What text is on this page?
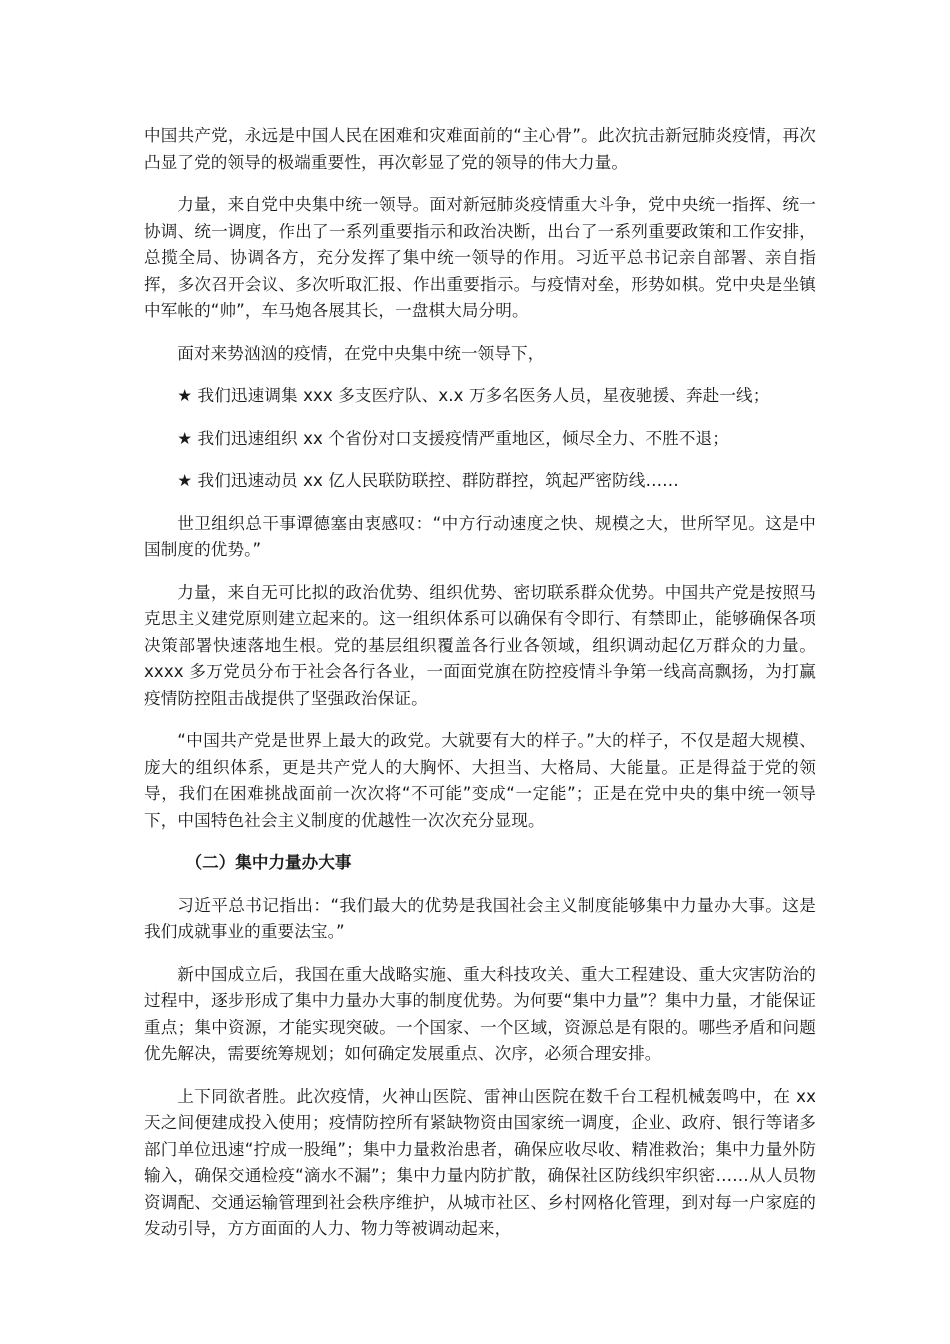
中国共产党，永远是中国人民在困难和灾难面前的“主心骨”。此次抗击新冠肺炎疫情，再次凸显了党的领导的极端重要性，再次彰显了党的领导的伟大力量。

力量，来自党中央集中统一领导。面对新冠肺炎疫情重大斗争，党中央统一指挥、统一协调、统一调度，作出了一系列重要指示和政治决断，出台了一系列重要政策和工作安排，总揽全局、协调各方，充分发挥了集中统一领导的作用。习近平总书记亲自部署、亲自指挥，多次召开会议、多次听取汇报、作出重要指示。与疫情对垒，形势如棋。党中央是坐镇中军帐的“帅”，车马炮各展其长，一盘棋大局分明。

面对来势汹汹的疫情，在党中央集中统一领导下，

★ 我们迅速调集 xxx 多支医疗队、x.x 万多名医务人员，星夜驰援、奔赴一线；

★ 我们迅速组织 xx 个省份对口支援疫情严重地区，倾尽全力、不胜不退；

★ 我们迅速动员 xx 亿人民联防联控、群防群控，筑起严密防线……

世卫组织总干事谭德塞由衷感叹：“中方行动速度之快、规模之大，世所罕见。这是中国制度的优势。”

力量，来自无可比拟的政治优势、组织优势、密切联系群众优势。中国共产党是按照马克思主义建党原则建立起来的。这一组织体系可以确保有令即行、有禁即止，能够确保各项决策部署快速落地生根。党的基层组织覆盖各行业各领域，组织调动起亿万群众的力量。xxxx 多万党员分布于社会各行各业，一面面党旗在防控疫情斗争第一线高高飘扬，为打赢疫情防控阻击战提供了坚强政治保证。

“中国共产党是世界上最大的政党。大就要有大的样子。”大的样子，不仅是超大规模、庞大的组织体系，更是共产党人的大胸怀、大担当、大格局、大能量。正是得益于党的领导，我们在困难挑战面前一次次将“不可能”变成“一定能”；正是在党中央的集中统一领导下，中国特色社会主义制度的优越性一次次充分显现。

（二）集中力量办大事

习近平总书记指出：“我们最大的优势是我国社会主义制度能够集中力量办大事。这是我们成就事业的重要法宝。”

新中国成立后，我国在重大战略实施、重大科技攻关、重大工程建设、重大灾害防治的过程中，逐步形成了集中力量办大事的制度优势。为何要“集中力量”？集中力量，才能保证重点；集中资源，才能实现突破。一个国家、一个区域，资源总是有限的。哪些矛盾和问题优先解决，需要统筹规划；如何确定发展重点、次序，必须合理安排。

上下同欲者胜。此次疫情，火神山医院、雷神山医院在数千台工程机械轰鸣中，在 xx 天之间便建成投入使用；疫情防控所有紧缺物资由国家统一调度，企业、政府、银行等诸多部门单位迅速“拧成一股绳”；集中力量救治患者，确保应收尽收、精准救治；集中力量外防输入，确保交通检疫“滴水不漏”；集中力量内防扩散，确保社区防线织牢织密……从人员物资调配、交通运输管理到社会秩序维护，从城市社区、乡村网格化管理，到对每一户家庭的发动引导，方方面面的人力、物力等被调动起来，
